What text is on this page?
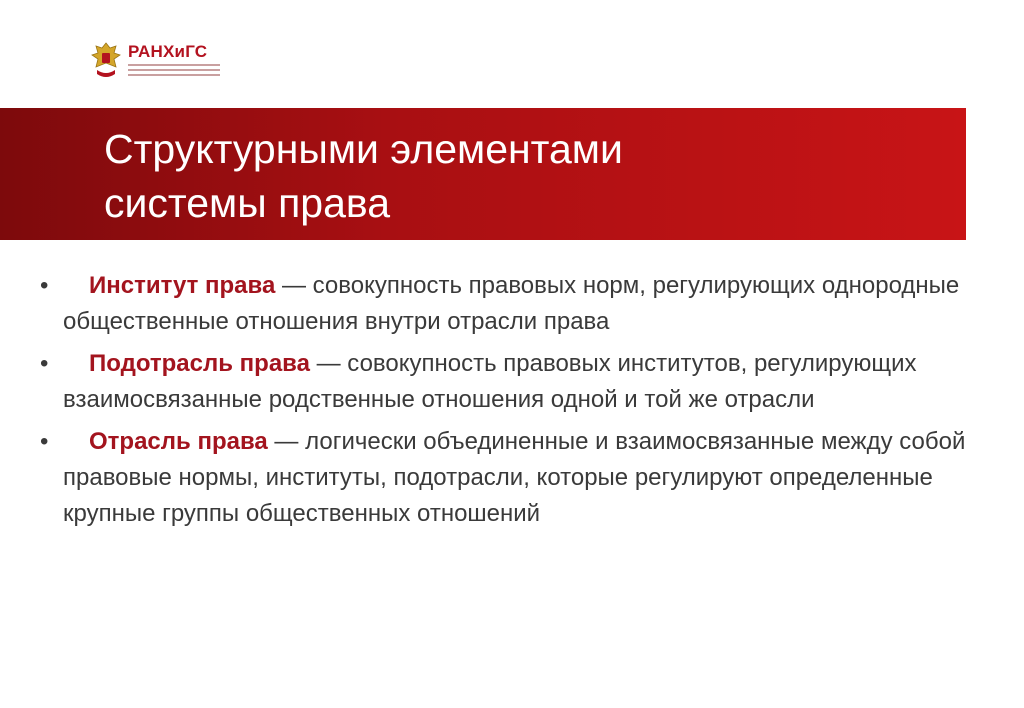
РАНХиГС
Структурными элементами
системы права
• Институт права — совокупность правовых норм, регулирующих однородные общественные отношения внутри отрасли права
• Подотрасль права — совокупность правовых институтов, регулирующих взаимосвязанные родственные отношения одной и той же отрасли
• Отрасль права — логически объединенные и взаимосвязанные между собой правовые нормы, институты, подотрасли, которые регулируют определенные крупные группы общественных отношений
